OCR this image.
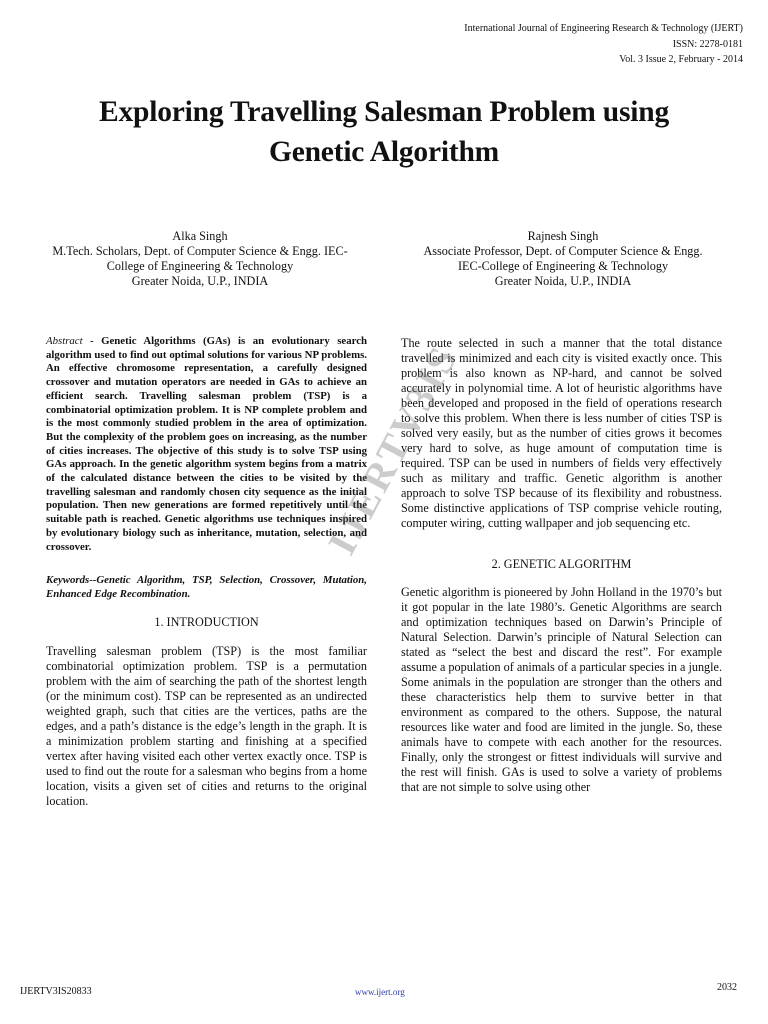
International Journal of Engineering Research & Technology (IJERT)
ISSN: 2278-0181
Vol. 3 Issue 2, February - 2014
Exploring Travelling Salesman Problem using
Genetic Algorithm
Alka Singh
M.Tech. Scholars, Dept. of Computer Science & Engg. IEC-
College of Engineering & Technology
Greater Noida, U.P., INDIA
Rajnesh Singh
Associate Professor, Dept. of Computer Science & Engg.
IEC-College of Engineering & Technology
Greater Noida, U.P., INDIA
Abstract - Genetic Algorithms (GAs) is an evolutionary search algorithm used to find out optimal solutions for various NP problems. An effective chromosome representation, a carefully designed crossover and mutation operators are needed in GAs to achieve an efficient search. Travelling salesman problem (TSP) is a combinatorial optimization problem. It is NP complete problem and is the most commonly studied problem in the area of optimization. But the complexity of the problem goes on increasing, as the number of cities increases. The objective of this study is to solve TSP using GAs approach. In the genetic algorithm system begins from a matrix of the calculated distance between the cities to be visited by the travelling salesman and randomly chosen city sequence as the initial population. Then new generations are formed repetitively until the suitable path is reached. Genetic algorithms use techniques inspired by evolutionary biology such as inheritance, mutation, selection, and crossover.
Keywords--Genetic Algorithm, TSP, Selection, Crossover, Mutation, Enhanced Edge Recombination.
1. INTRODUCTION
Travelling salesman problem (TSP) is the most familiar combinatorial optimization problem. TSP is a permutation problem with the aim of searching the path of the shortest length (or the minimum cost). TSP can be represented as an undirected weighted graph, such that cities are the vertices, paths are the edges, and a path’s distance is the edge’s length in the graph. It is a minimization problem starting and finishing at a specified vertex after having visited each other vertex exactly once. TSP is used to find out the route for a salesman who begins from a home location, visits a given set of cities and returns to the original location.
The route selected in such a manner that the total distance travelled is minimized and each city is visited exactly once. This problem is also known as NP-hard, and cannot be solved accurately in polynomial time. A lot of heuristic algorithms have been developed and proposed in the field of operations research to solve this problem. When there is less number of cities TSP is solved very easily, but as the number of cities grows it becomes very hard to solve, as huge amount of computation time is required. TSP can be used in numbers of fields very effectively such as military and traffic. Genetic algorithm is another approach to solve TSP because of its flexibility and robustness. Some distinctive applications of TSP comprise vehicle routing, computer wiring, cutting wallpaper and job sequencing etc.
2. GENETIC ALGORITHM
Genetic algorithm is pioneered by John Holland in the 1970’s but it got popular in the late 1980’s. Genetic Algorithms are search and optimization techniques based on Darwin’s Principle of Natural Selection. Darwin’s principle of Natural Selection can stated as “select the best and discard the rest”. For example assume a population of animals of a particular species in a jungle. Some animals in the population are stronger than the others and these characteristics help them to survive better in that environment as compared to the others. Suppose, the natural resources like water and food are limited in the jungle. So, these animals have to compete with each another for the resources. Finally, only the strongest or fittest individuals will survive and the rest will finish. GAs is used to solve a variety of problems that are not simple to solve using other
IJERTV3IS
IJERTV3IS20833	www.ijert.org	2032
